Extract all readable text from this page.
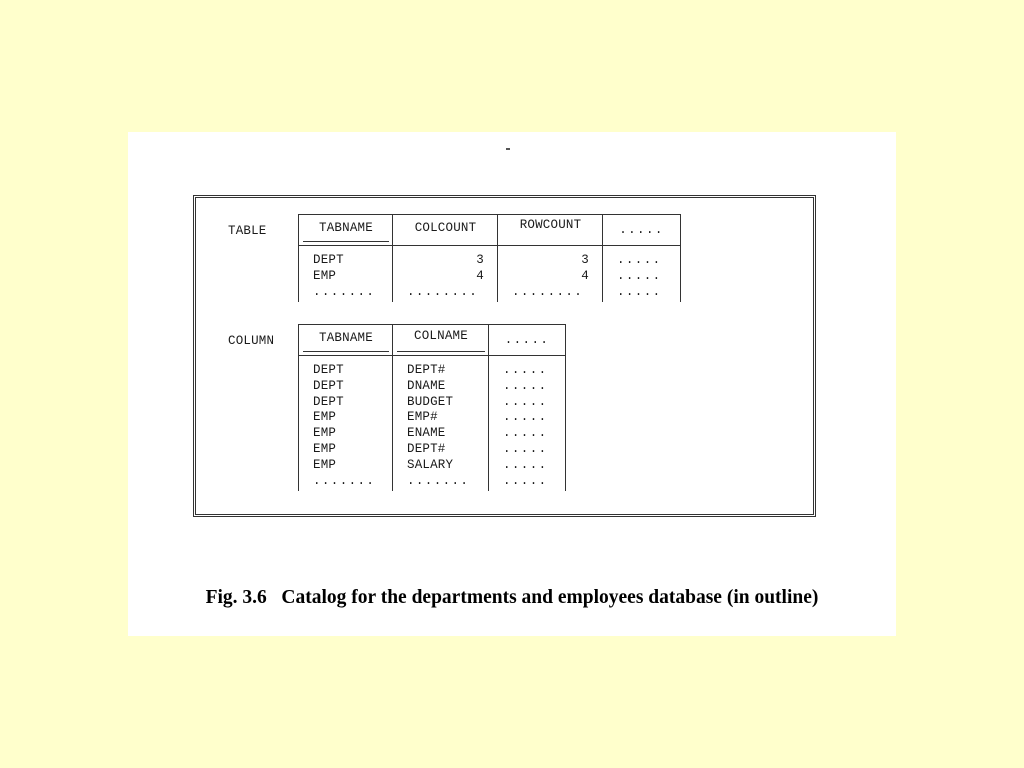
TABLE	TABNAME
DEPT
EMP
.......
COLCOUNT
3
4
........
ROWCOUNT
3
4
........
.....
.....
.....
.....
COLUMN	TABNAME
DEPT
DEPT
DEPT
EMP
EMP
EMP
EMP
.......
COLNAME
DEPT#
DNAME
BUDGET
EMP#
ENAME
DEPT#
SALARY
.......
.....
.....
.....
.....
.....
.....
.....
.....
.....
Fig. 3.6   Catalog for the departments and employees database (in outline)
